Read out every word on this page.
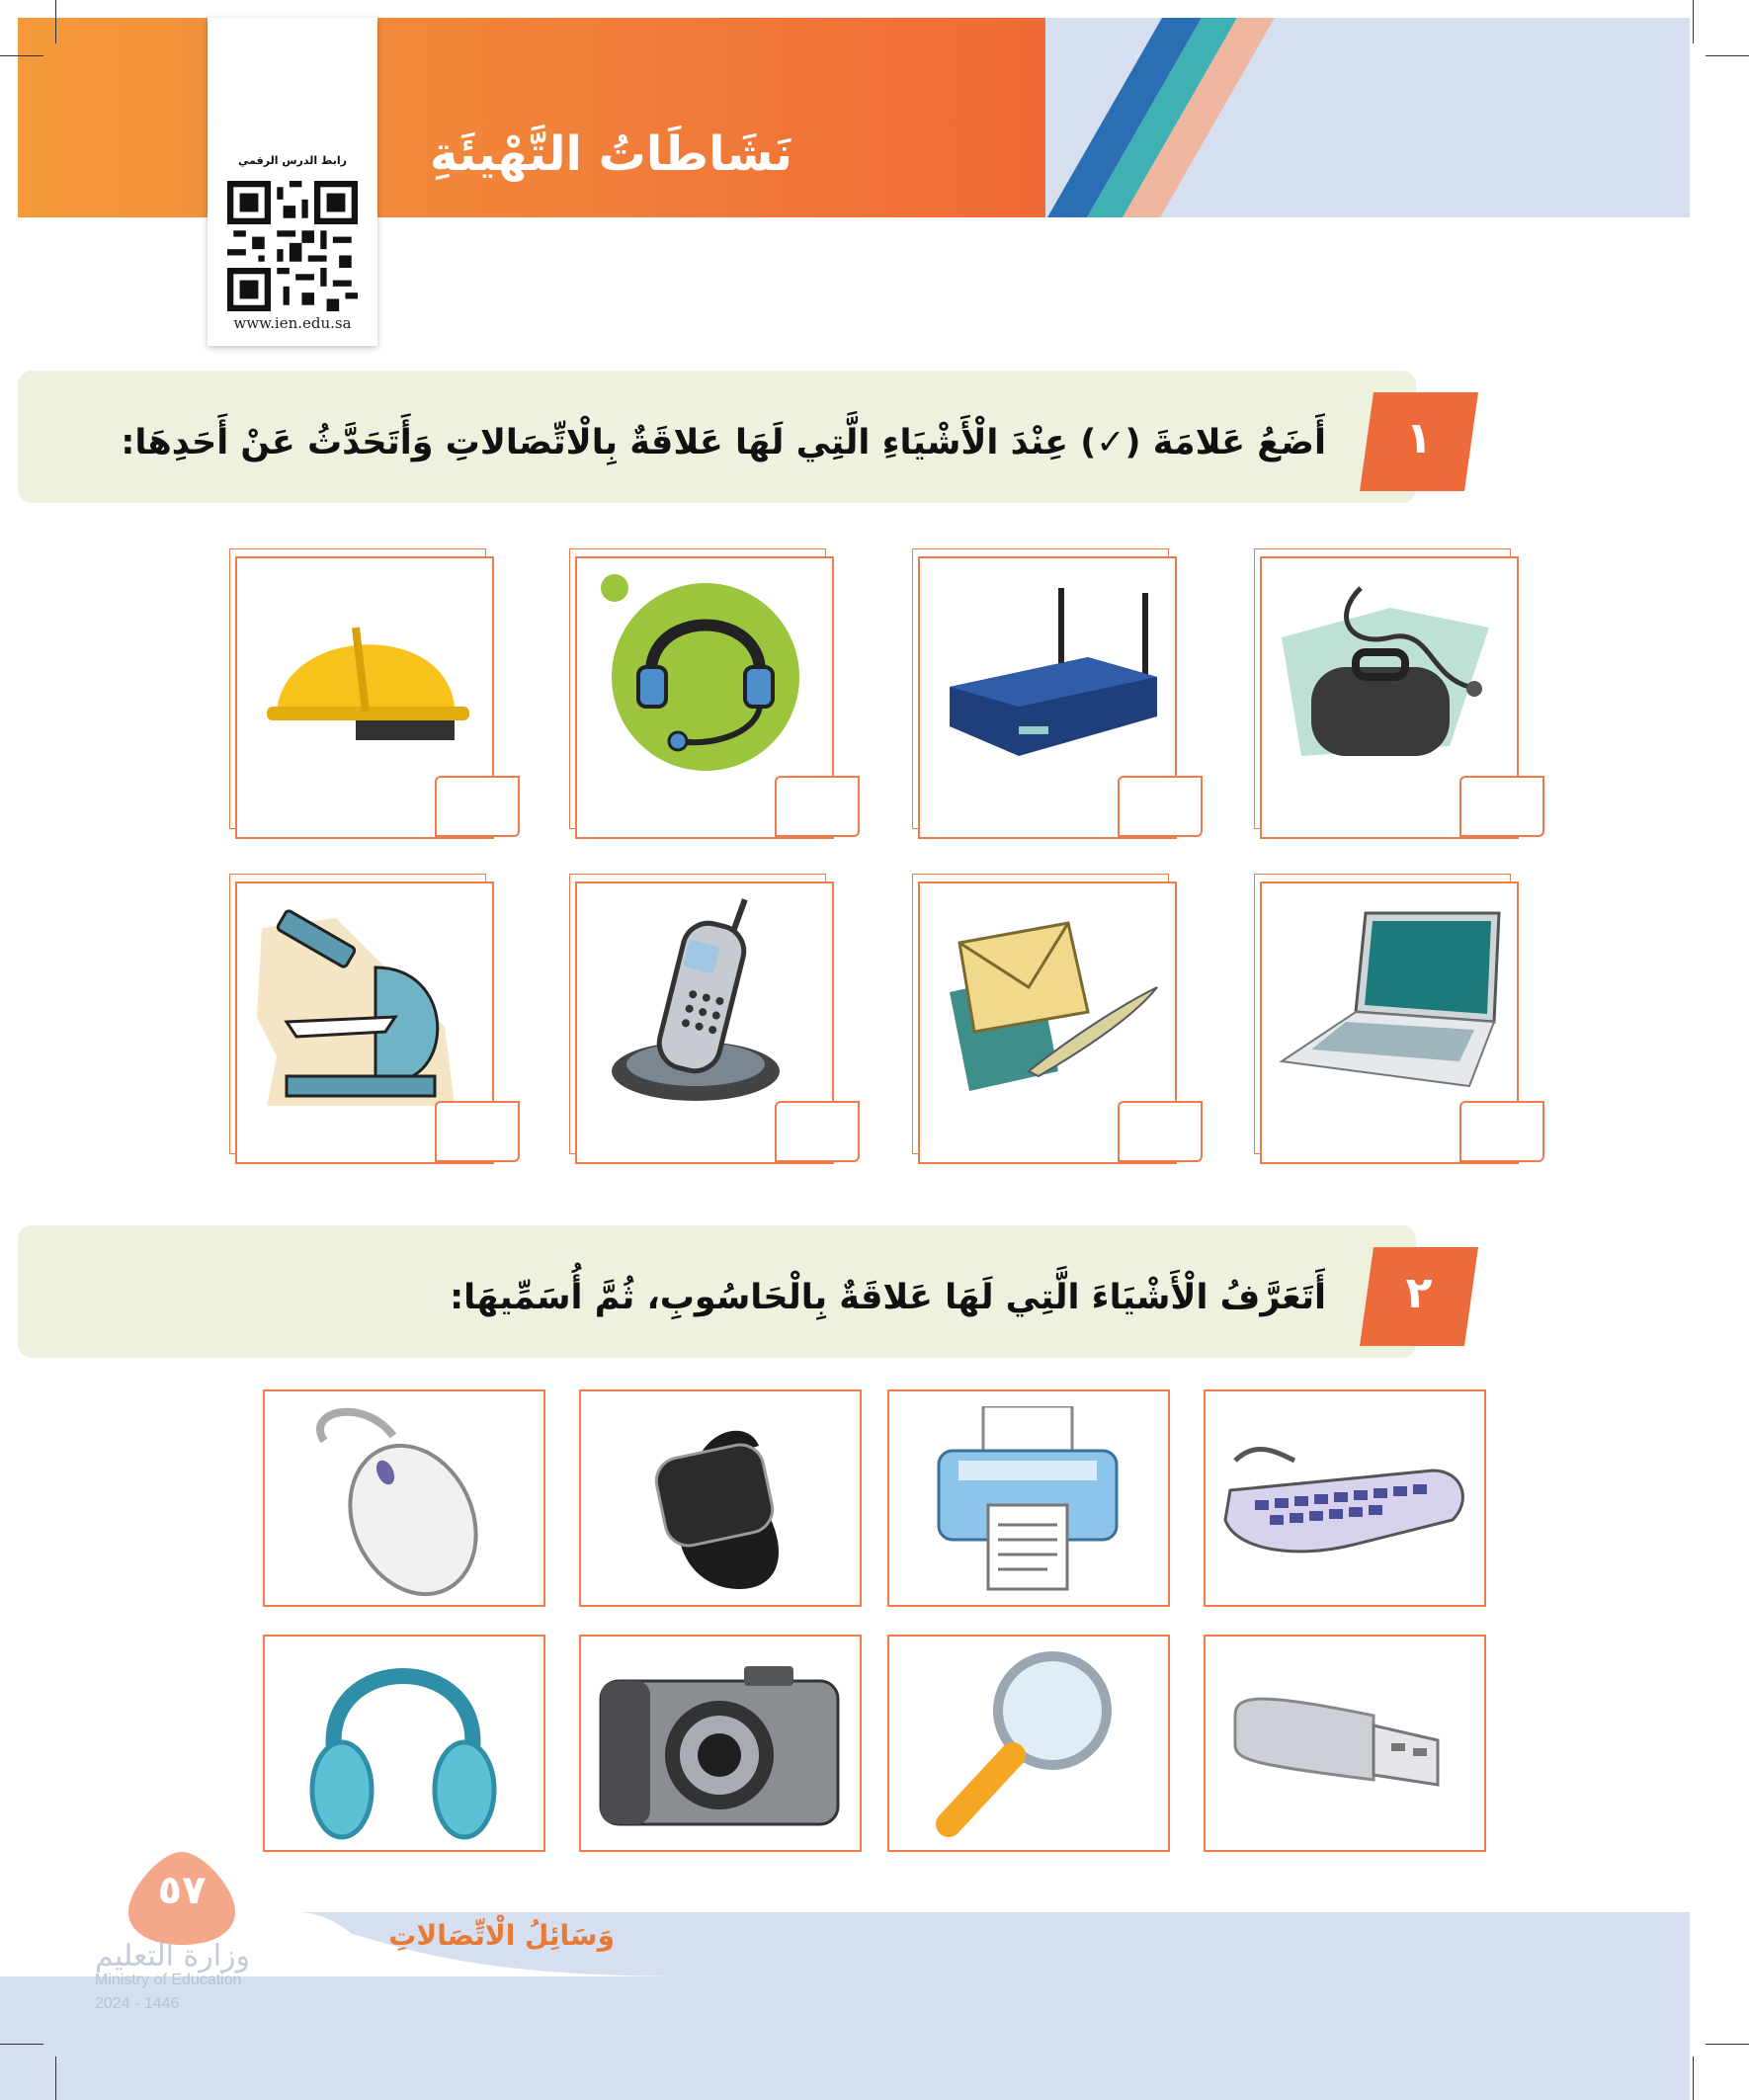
نَشَاطَاتُ التَّهْيئَةِ
رابط الدرس الرقمي
www.ien.edu.sa
١
أَضَعُ عَلامَةَ (✓) عِنْدَ الْأَشْيَاءِ الَّتِي لَهَا عَلاقَةٌ بِالْاتِّصَالاتِ وَأَتَحَدَّثُ عَنْ أَحَدِهَا:
٢
أَتَعَرَّفُ الْأَشْيَاءَ الَّتِي لَهَا عَلاقَةٌ بِالْحَاسُوبِ، ثُمَّ أُسَمِّيهَا:
٥٧
وَسَائِلُ الْاتِّصَالاتِ
وزارة التعليم
Ministry of Education
2024 - 1446
